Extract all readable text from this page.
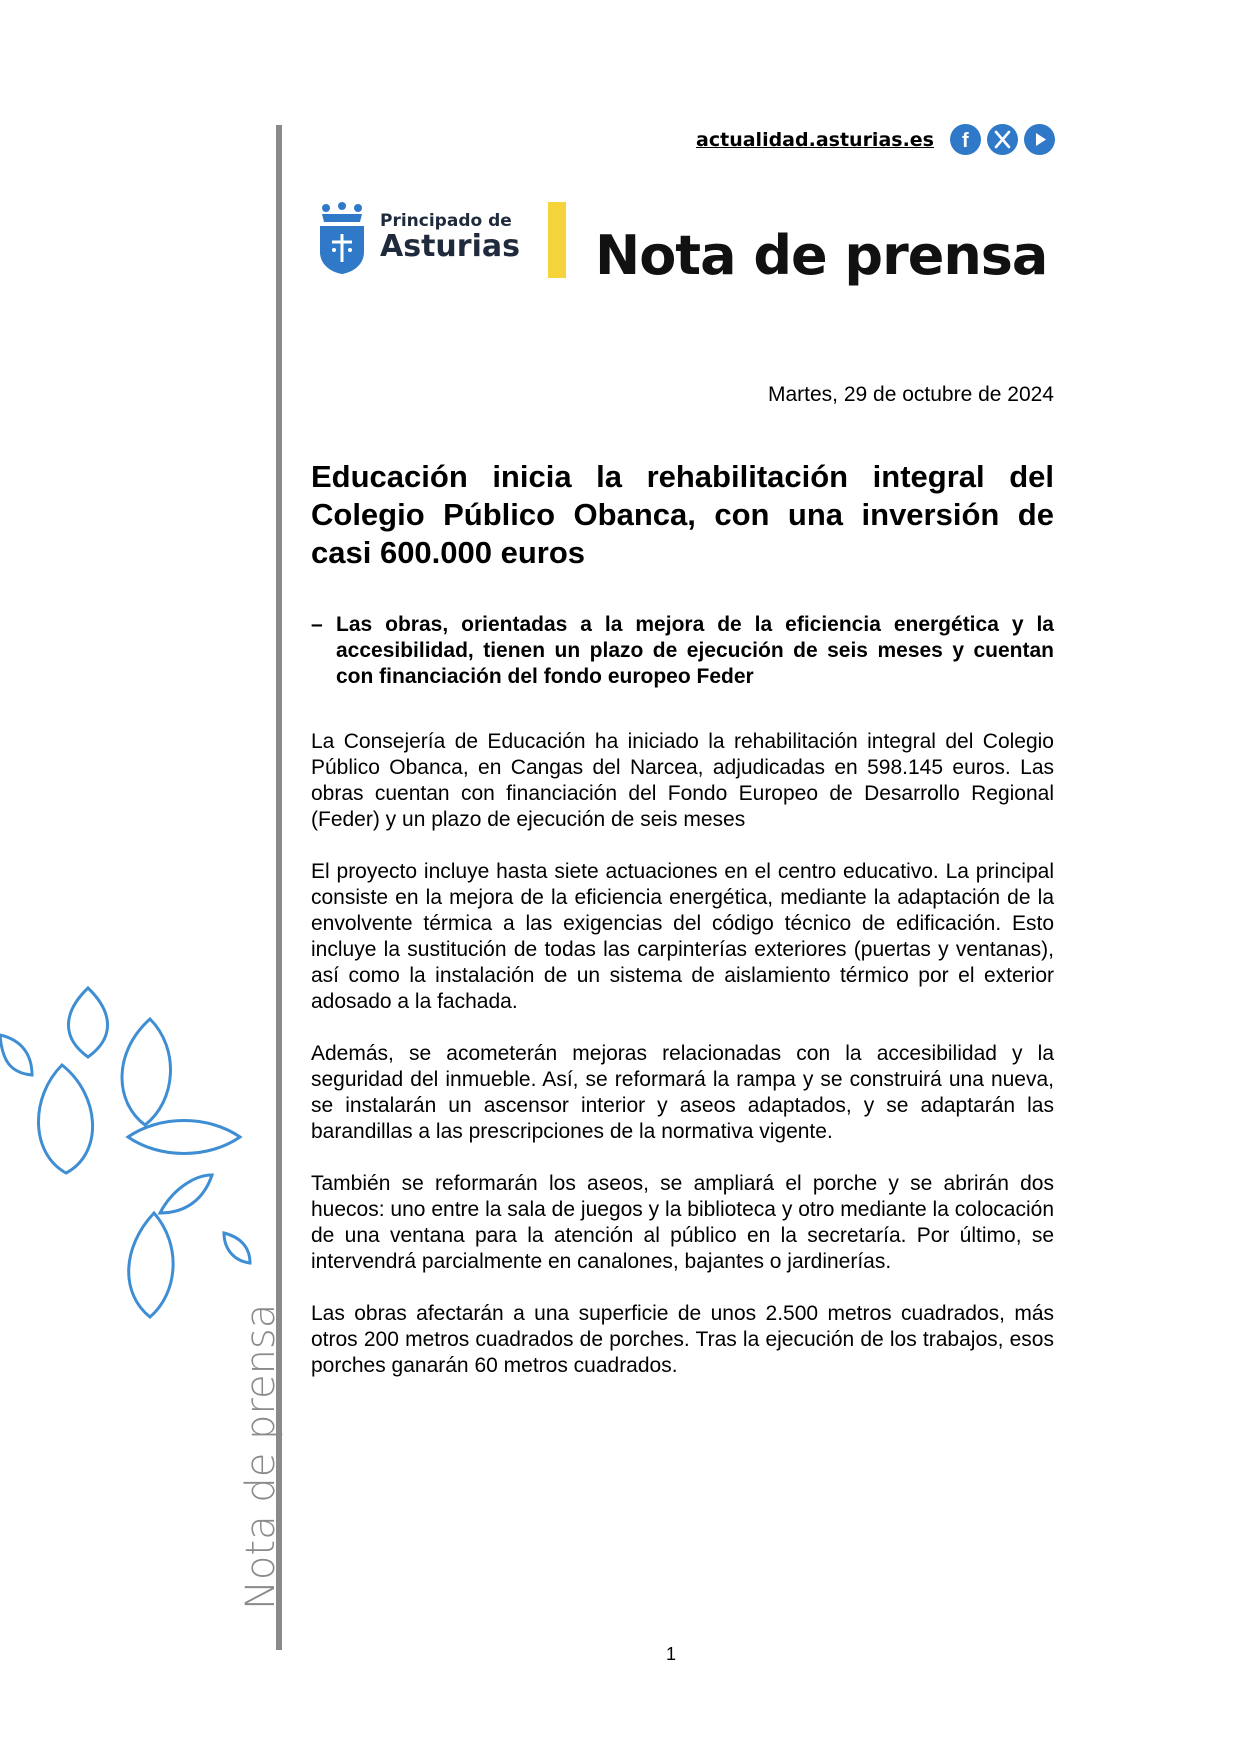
Nota de prensa
actualidad.asturias.es f
Principado de
Asturias Nota de prensa
Martes, 29 de octubre de 2024
Educación inicia la rehabilitación integral del Colegio Público Obanca, con una inversión de casi 600.000 euros
– Las obras, orientadas a la mejora de la eficiencia energética y la accesibilidad, tienen un plazo de ejecución de seis meses y cuentan con financiación del fondo europeo Feder

La Consejería de Educación ha iniciado la rehabilitación integral del Colegio Público Obanca, en Cangas del Narcea, adjudicadas en 598.145 euros. Las obras cuentan con financiación del Fondo Europeo de Desarrollo Regional (Feder) y un plazo de ejecución de seis meses

El proyecto incluye hasta siete actuaciones en el centro educativo. La principal consiste en la mejora de la eficiencia energética, mediante la adaptación de la envolvente térmica a las exigencias del código técnico de edificación. Esto incluye la sustitución de todas las carpinterías exteriores (puertas y ventanas), así como la instalación de un sistema de aislamiento térmico por el exterior adosado a la fachada.

Además, se acometerán mejoras relacionadas con la accesibilidad y la seguridad del inmueble. Así, se reformará la rampa y se construirá una nueva, se instalarán un ascensor interior y aseos adaptados, y se adaptarán las barandillas a las prescripciones de la normativa vigente.

También se reformarán los aseos, se ampliará el porche y se abrirán dos huecos: uno entre la sala de juegos y la biblioteca y otro mediante la colocación de una ventana para la atención al público en la secretaría. Por último, se intervendrá parcialmente en canalones, bajantes o jardinerías.

Las obras afectarán a una superficie de unos 2.500 metros cuadrados, más otros 200 metros cuadrados de porches. Tras la ejecución de los trabajos, esos porches ganarán 60 metros cuadrados.

1
